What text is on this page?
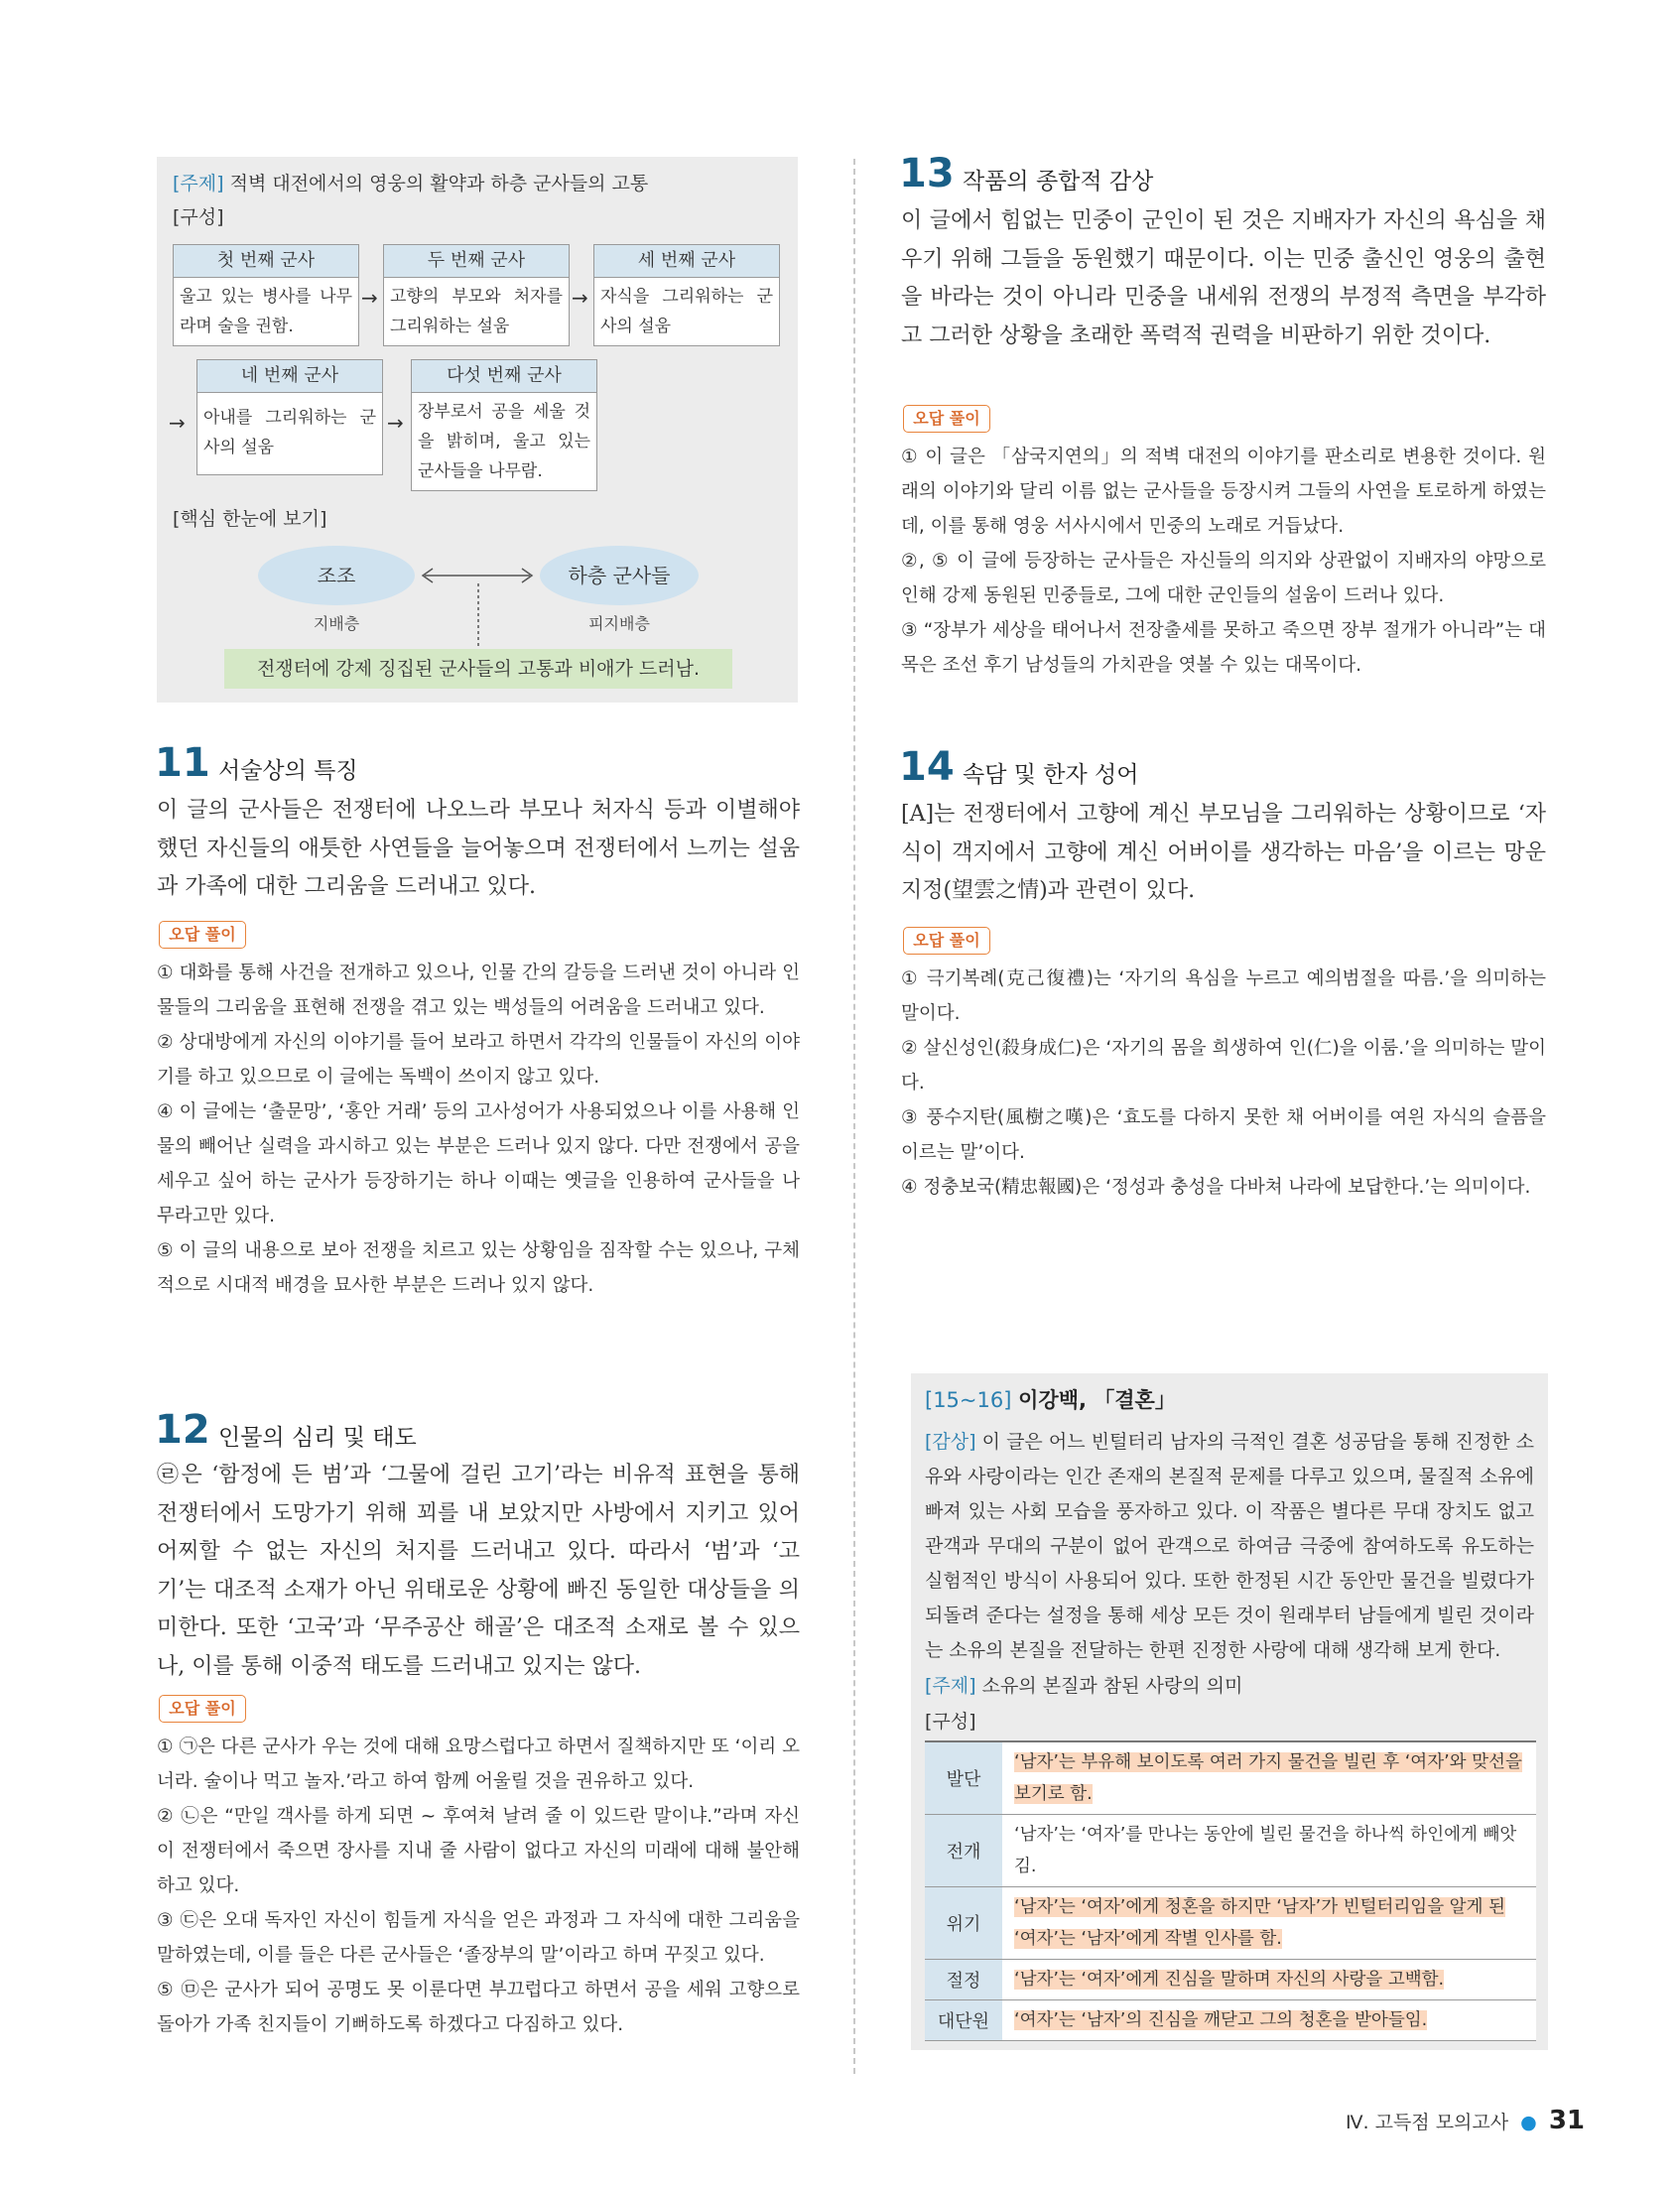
[주제] 적벽 대전에서의 영웅의 활약과 하층 군사들의 고통
[구성]
첫 번째 군사
울고 있는 병사를 나무라며 술을 권함.
→
두 번째 군사
고향의 부모와 처자를 그리워하는 설움
→
세 번째 군사
자식을 그리워하는 군사의 설움
→
네 번째 군사
아내를 그리워하는 군사의 설움
→
다섯 번째 군사
장부로서 공을 세울 것을 밝히며, 울고 있는 군사들을 나무람.
[핵심 한눈에 보기]
조조	하층 군사들
지배층	피지배층
전쟁터에 강제 징집된 군사들의 고통과 비애가 드러남.
11 서술상의 특징
이 글의 군사들은 전쟁터에 나오느라 부모나 처자식 등과 이별해야 했던 자신들의 애틋한 사연들을 늘어놓으며 전쟁터에서 느끼는 설움과 가족에 대한 그리움을 드러내고 있다.
오답 풀이

① 대화를 통해 사건을 전개하고 있으나, 인물 간의 갈등을 드러낸 것이 아니라 인물들의 그리움을 표현해 전쟁을 겪고 있는 백성들의 어려움을 드러내고 있다.

② 상대방에게 자신의 이야기를 들어 보라고 하면서 각각의 인물들이 자신의 이야기를 하고 있으므로 이 글에는 독백이 쓰이지 않고 있다.

④ 이 글에는 ‘출문망’, ‘홍안 거래’ 등의 고사성어가 사용되었으나 이를 사용해 인물의 빼어난 실력을 과시하고 있는 부분은 드러나 있지 않다. 다만 전쟁에서 공을 세우고 싶어 하는 군사가 등장하기는 하나 이때는 옛글을 인용하여 군사들을 나무라고만 있다.

⑤ 이 글의 내용으로 보아 전쟁을 치르고 있는 상황임을 짐작할 수는 있으나, 구체적으로 시대적 배경을 묘사한 부분은 드러나 있지 않다.

12 인물의 심리 및 태도
㉣은 ‘함정에 든 범’과 ‘그물에 걸린 고기’라는 비유적 표현을 통해 전쟁터에서 도망가기 위해 꾀를 내 보았지만 사방에서 지키고 있어 어찌할 수 없는 자신의 처지를 드러내고 있다. 따라서 ‘범’과 ‘고기’는 대조적 소재가 아닌 위태로운 상황에 빠진 동일한 대상들을 의미한다. 또한 ‘고국’과 ‘무주공산 해골’은 대조적 소재로 볼 수 있으나, 이를 통해 이중적 태도를 드러내고 있지는 않다.
오답 풀이

① ㉠은 다른 군사가 우는 것에 대해 요망스럽다고 하면서 질책하지만 또 ‘이리 오너라. 술이나 먹고 놀자.’라고 하여 함께 어울릴 것을 권유하고 있다.

② ㉡은 “만일 객사를 하게 되면 ~ 후여쳐 날려 줄 이 있드란 말이냐.”라며 자신이 전쟁터에서 죽으면 장사를 지내 줄 사람이 없다고 자신의 미래에 대해 불안해하고 있다.

③ ㉢은 오대 독자인 자신이 힘들게 자식을 얻은 과정과 그 자식에 대한 그리움을 말하였는데, 이를 들은 다른 군사들은 ‘졸장부의 말’이라고 하며 꾸짖고 있다.

⑤ ㉤은 군사가 되어 공명도 못 이룬다면 부끄럽다고 하면서 공을 세워 고향으로 돌아가 가족 친지들이 기뻐하도록 하겠다고 다짐하고 있다.

13 작품의 종합적 감상
이 글에서 힘없는 민중이 군인이 된 것은 지배자가 자신의 욕심을 채우기 위해 그들을 동원했기 때문이다. 이는 민중 출신인 영웅의 출현을 바라는 것이 아니라 민중을 내세워 전쟁의 부정적 측면을 부각하고 그러한 상황을 초래한 폭력적 권력을 비판하기 위한 것이다.
오답 풀이

① 이 글은 「삼국지연의」의 적벽 대전의 이야기를 판소리로 변용한 것이다. 원래의 이야기와 달리 이름 없는 군사들을 등장시켜 그들의 사연을 토로하게 하였는데, 이를 통해 영웅 서사시에서 민중의 노래로 거듭났다.

②, ⑤ 이 글에 등장하는 군사들은 자신들의 의지와 상관없이 지배자의 야망으로 인해 강제 동원된 민중들로, 그에 대한 군인들의 설움이 드러나 있다.

③ “장부가 세상을 태어나서 전장출세를 못하고 죽으면 장부 절개가 아니라”는 대목은 조선 후기 남성들의 가치관을 엿볼 수 있는 대목이다.

14 속담 및 한자 성어
[A]는 전쟁터에서 고향에 계신 부모님을 그리워하는 상황이므로 ‘자식이 객지에서 고향에 계신 어버이를 생각하는 마음’을 이르는 망운지정(望雲之情)과 관련이 있다.
오답 풀이

① 극기복례(克己復禮)는 ‘자기의 욕심을 누르고 예의범절을 따름.’을 의미하는 말이다.

② 살신성인(殺身成仁)은 ‘자기의 몸을 희생하여 인(仁)을 이룸.’을 의미하는 말이다.

③ 풍수지탄(風樹之嘆)은 ‘효도를 다하지 못한 채 어버이를 여읜 자식의 슬픔을 이르는 말’이다.

④ 정충보국(精忠報國)은 ‘정성과 충성을 다바쳐 나라에 보답한다.’는 의미이다.

[15~16] 이강백, 「결혼」
[감상] 이 글은 어느 빈털터리 남자의 극적인 결혼 성공담을 통해 진정한 소유와 사랑이라는 인간 존재의 본질적 문제를 다루고 있으며, 물질적 소유에 빠져 있는 사회 모습을 풍자하고 있다. 이 작품은 별다른 무대 장치도 없고 관객과 무대의 구분이 없어 관객으로 하여금 극중에 참여하도록 유도하는 실험적인 방식이 사용되어 있다. 또한 한정된 시간 동안만 물건을 빌렸다가 되돌려 준다는 설정을 통해 세상 모든 것이 원래부터 남들에게 빌린 것이라는 소유의 본질을 전달하는 한편 진정한 사랑에 대해 생각해 보게 한다.
[주제] 소유의 본질과 참된 사랑의 의미
[구성]
발단	‘남자’는 부유해 보이도록 여러 가지 물건을 빌린 후 ‘여자’와 맞선을 보기로 함.
전개	‘남자’는 ‘여자’를 만나는 동안에 빌린 물건을 하나씩 하인에게 빼앗김.
위기	‘남자’는 ‘여자’에게 청혼을 하지만 ‘남자’가 빈털터리임을 알게 된 ‘여자’는 ‘남자’에게 작별 인사를 함.
절정	‘남자’는 ‘여자’에게 진심을 말하며 자신의 사랑을 고백함.
대단원	‘여자’는 ‘남자’의 진심을 깨닫고 그의 청혼을 받아들임.
Ⅳ. 고득점 모의고사 ● 31
